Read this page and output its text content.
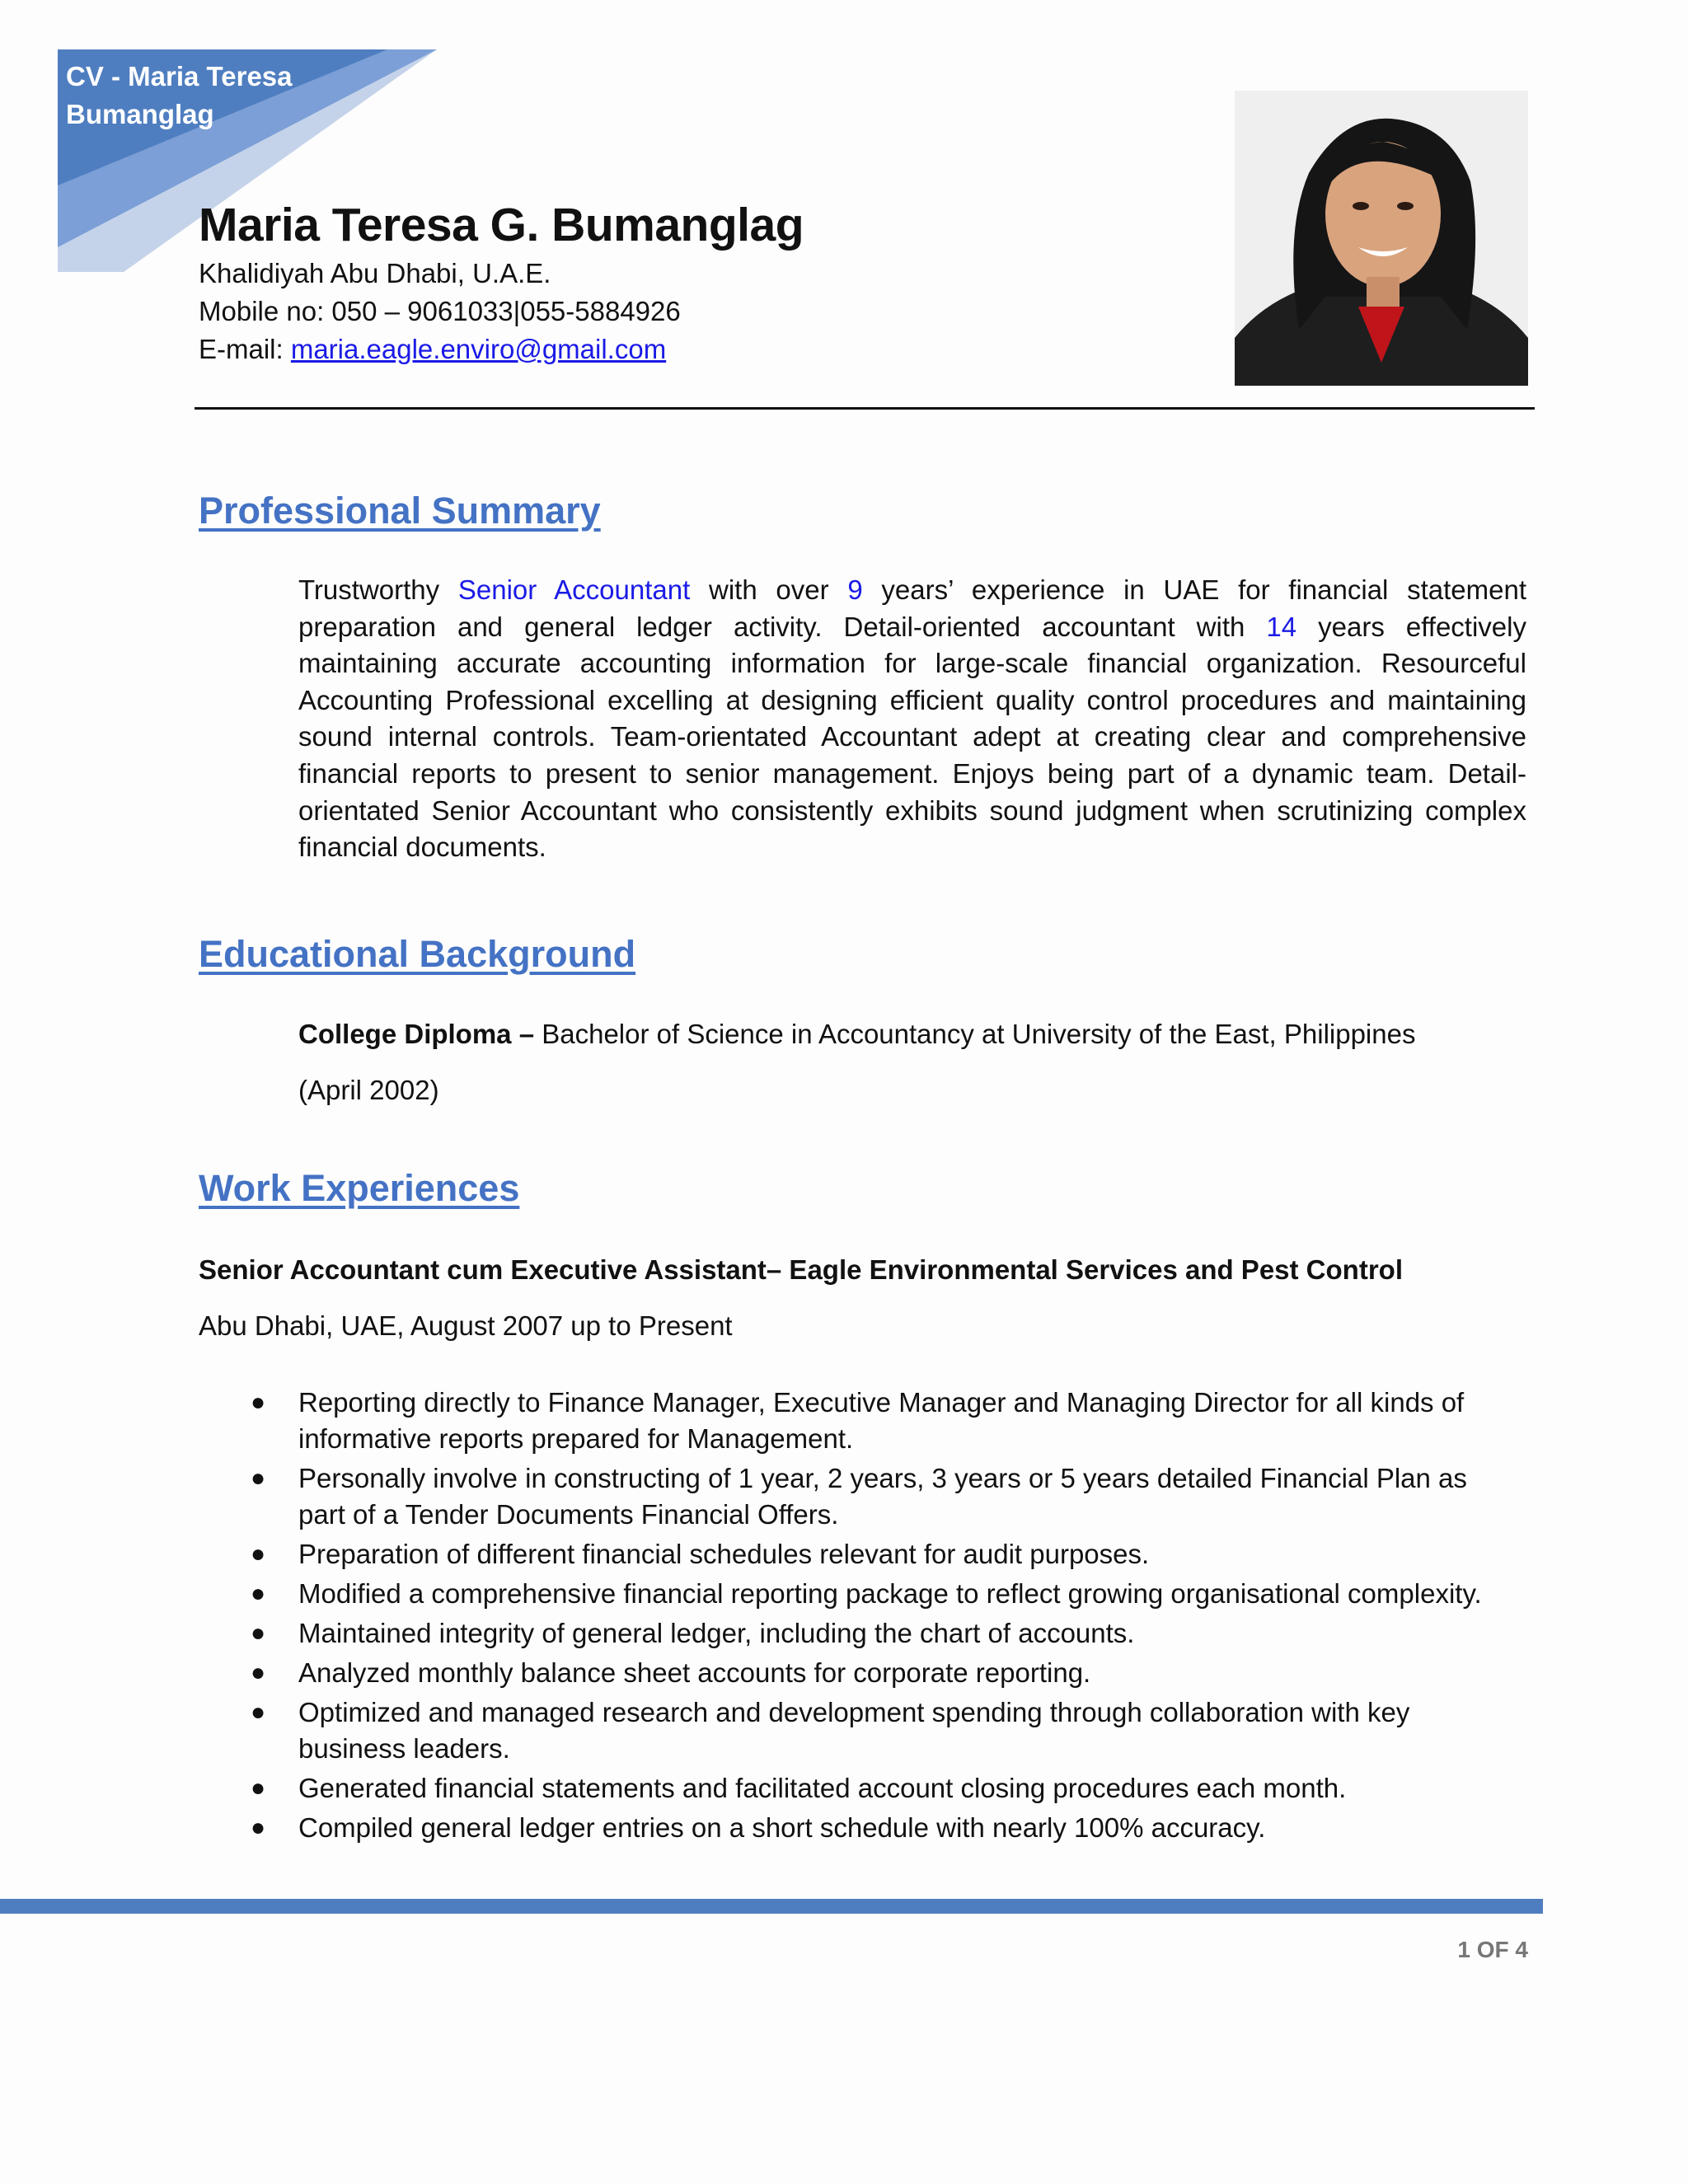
CV - Maria Teresa
Bumanglag
Maria Teresa G. Bumanglag
Khalidiyah Abu Dhabi, U.A.E.
Mobile no: 050 – 9061033|055-5884926
E-mail: maria.eagle.enviro@gmail.com
Professional Summary
Trustworthy Senior Accountant with over 9 years’ experience in UAE for financial statement preparation and general ledger activity. Detail-oriented accountant with 14 years effectively maintaining accurate accounting information for large-scale financial organization. Resourceful Accounting Professional excelling at designing efficient quality control procedures and maintaining sound internal controls. Team-orientated Accountant adept at creating clear and comprehensive financial reports to present to senior management. Enjoys being part of a dynamic team. Detail-orientated Senior Accountant who consistently exhibits sound judgment when scrutinizing complex financial documents.
Educational Background
College Diploma – Bachelor of Science in Accountancy at University of the East, Philippines
(April 2002)
Work Experiences
Senior Accountant cum Executive Assistant– Eagle Environmental Services and Pest Control
Abu Dhabi, UAE, August 2007 up to Present
● Reporting directly to Finance Manager, Executive Manager and Managing Director for all kinds of informative reports prepared for Management.
● Personally involve in constructing of 1 year, 2 years, 3 years or 5 years detailed Financial Plan as part of a Tender Documents Financial Offers.
● Preparation of different financial schedules relevant for audit purposes.
● Modified a comprehensive financial reporting package to reflect growing organisational complexity.
● Maintained integrity of general ledger, including the chart of accounts.
● Analyzed monthly balance sheet accounts for corporate reporting.
● Optimized and managed research and development spending through collaboration with key business leaders.
● Generated financial statements and facilitated account closing procedures each month.
● Compiled general ledger entries on a short schedule with nearly 100% accuracy.
1 OF 4
